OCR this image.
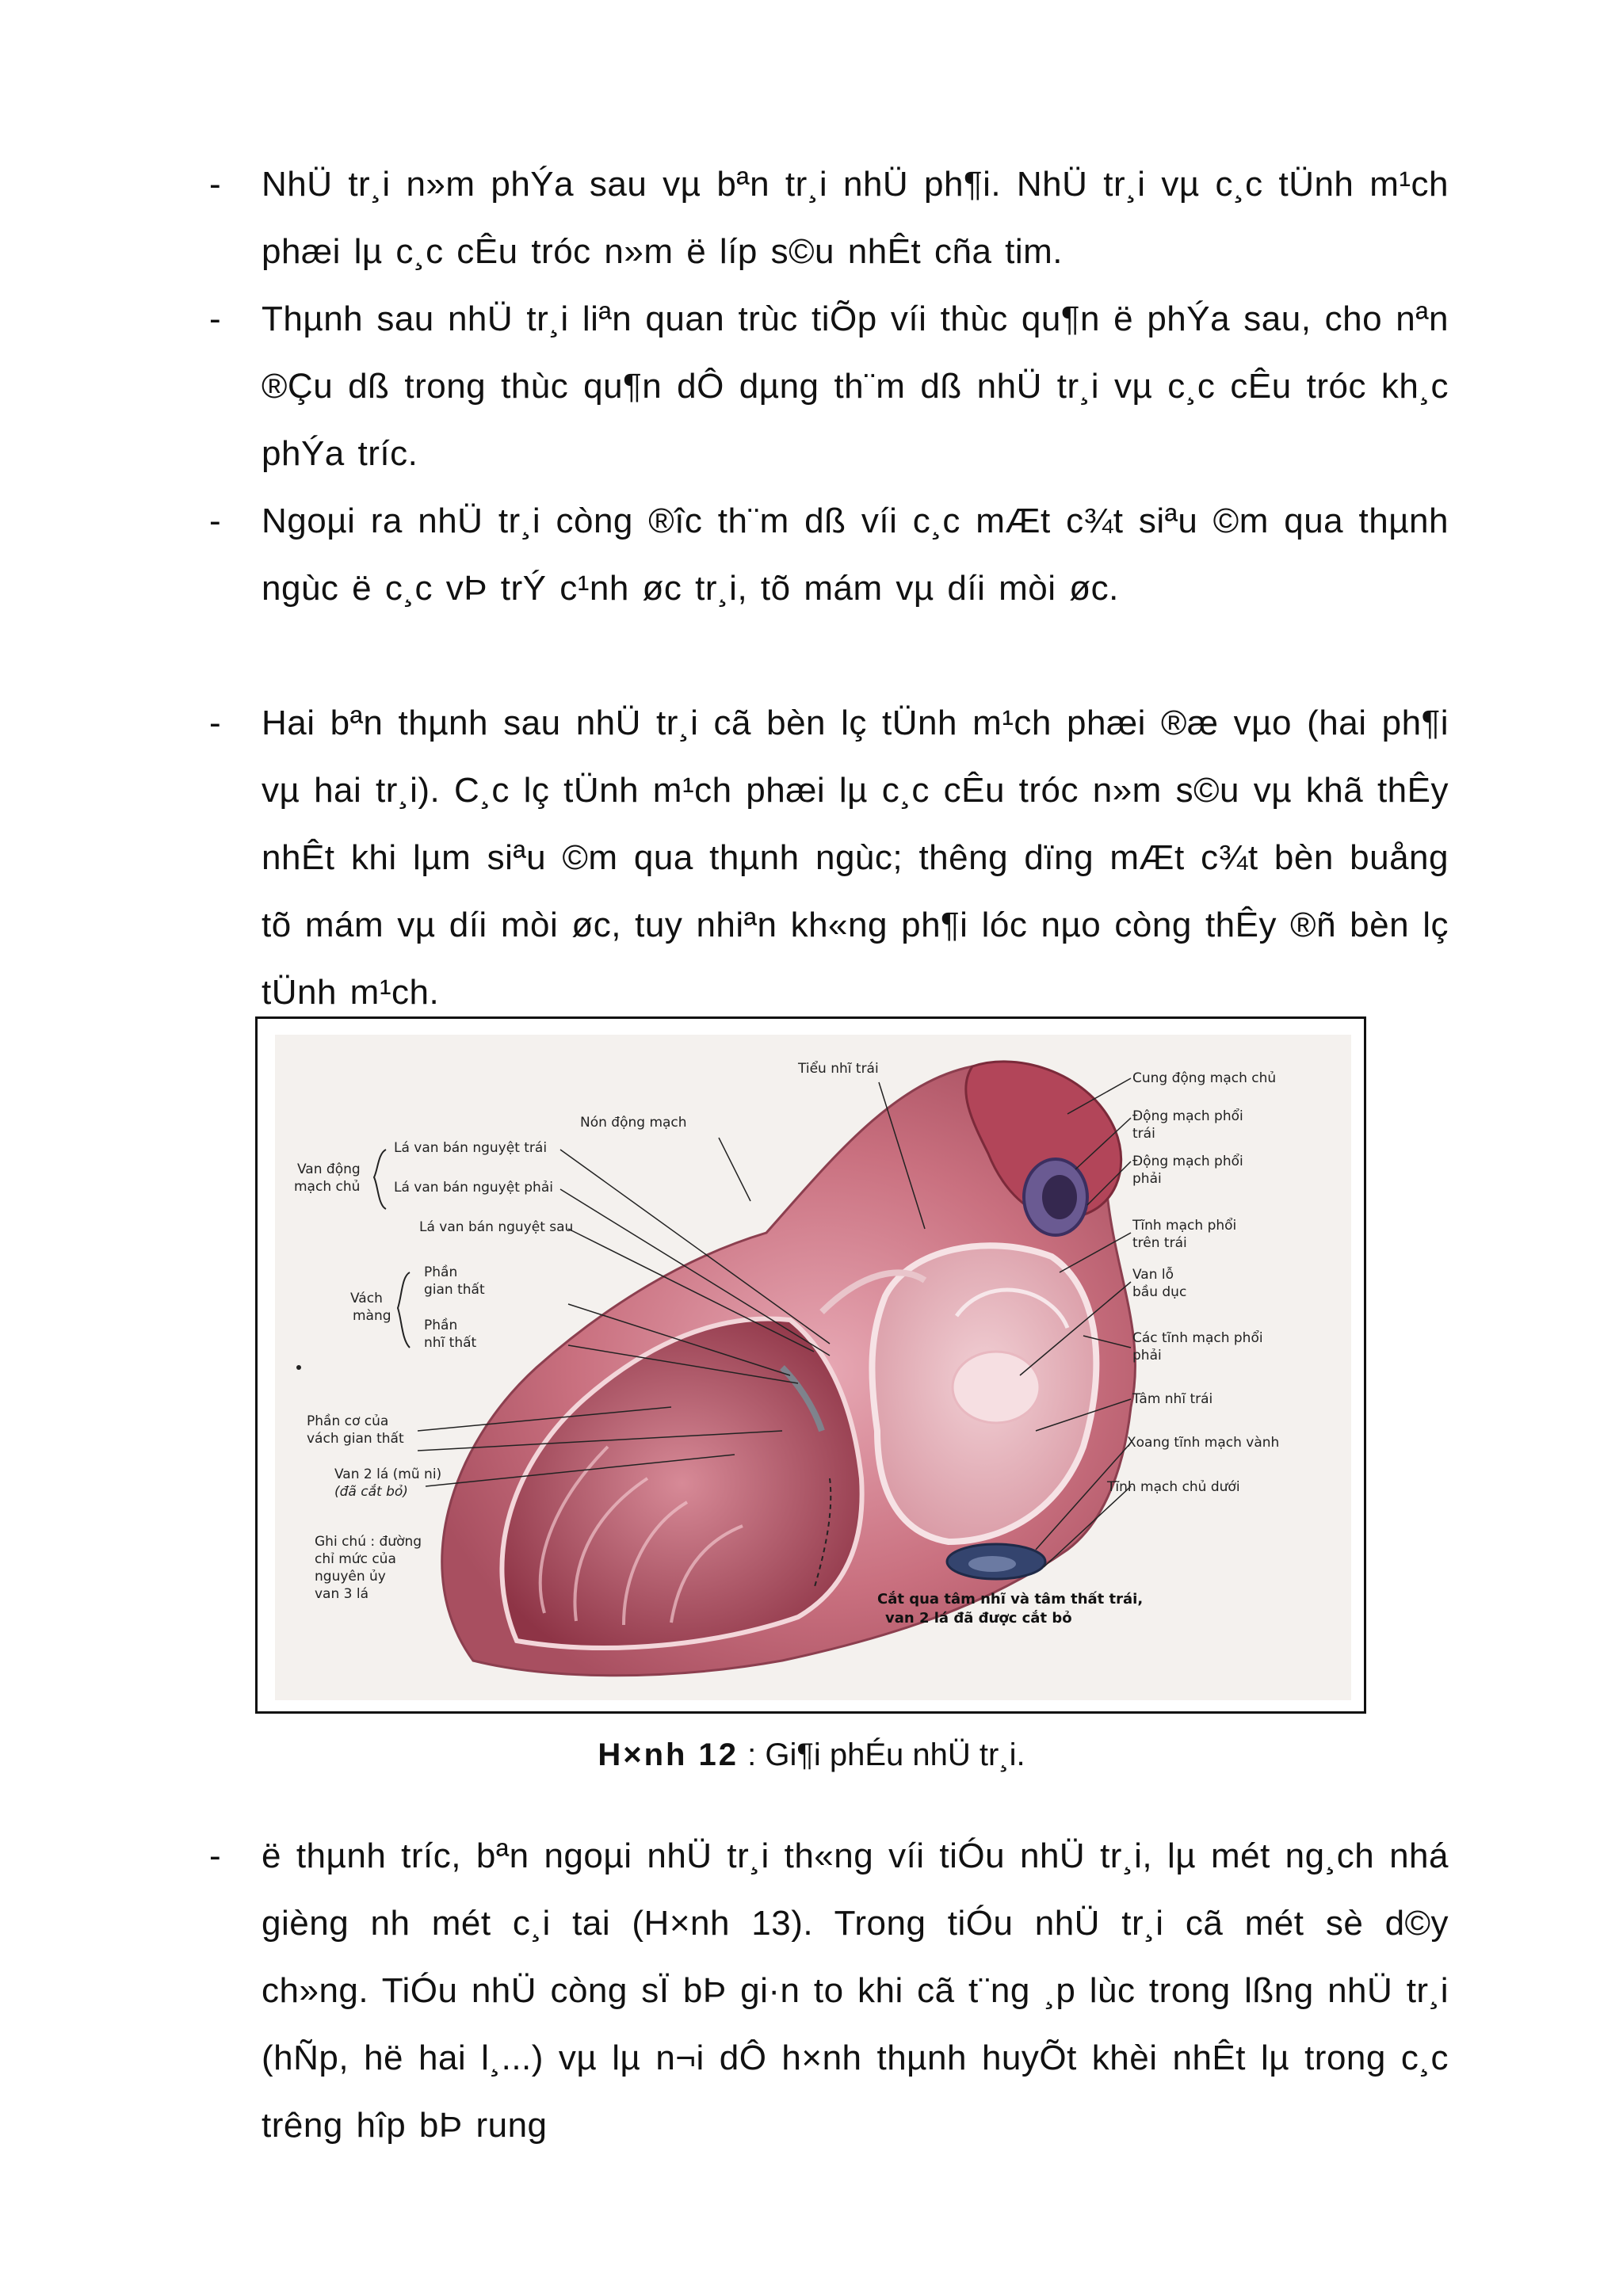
-	NhÜ tr¸i n»m phÝa sau vµ bªn tr¸i nhÜ ph¶i. NhÜ tr¸i vµ c¸c tÜnh m¹ch phæi lµ c¸c cÊu tróc n»m ë líp s©u nhÊt cña tim.

-	Thµnh sau nhÜ tr¸i liªn quan trùc tiÕp víi thùc qu¶n ë phÝa sau, cho nªn ®Çu dß trong thùc qu¶n dÔ dµng th¨m dß nhÜ tr¸i vµ c¸c cÊu tróc kh¸c phÝa tríc.

-	Ngoµi ra nhÜ tr¸i còng ®îc th¨m dß víi c¸c mÆt c¾t siªu ©m qua thµnh ngùc ë c¸c vÞ trÝ c¹nh øc tr¸i, tõ mám vµ díi mòi øc.

-	Hai bªn thµnh sau nhÜ tr¸i cã bèn lç tÜnh m¹ch phæi ®æ vµo (hai ph¶i vµ hai tr¸i). C¸c lç tÜnh m¹ch phæi lµ c¸c cÊu tróc n»m s©u vµ khã thÊy nhÊt khi lµm siªu ©m qua thµnh ngùc; thêng dïng mÆt c¾t bèn buång tõ mám vµ díi mòi øc, tuy nhiªn kh«ng ph¶i lóc nµo còng thÊy ®ñ bèn lç tÜnh m¹ch.

Tiểu nhĩ trái
Nón động mạch
Cung động mạch chủ
Động mạch phổi
trái
Động mạch phổi
phải
Tĩnh mạch phổi
trên trái
Van lỗ
bầu dục
Các tĩnh mạch phổi
phải
Tâm nhĩ trái
Xoang tĩnh mạch vành
Tĩnh mạch chủ dưới
Van động
mạch chủ
Lá van bán nguyệt trái
Lá van bán nguyệt phải
Lá van bán nguyệt sau
Vách
màng
Phần
gian thất
Phần
nhĩ thất
Phần cơ của
vách gian thất
Van 2 lá (mũ ni)
(đã cắt bỏ)
Ghi chú : đường
chỉ mức của
nguyên ủy
van 3 lá	Cắt qua tâm nhĩ và tâm thất trái,
van 2 lá đã được cắt bỏ
H×nh 12 : Gi¶i phÉu nhÜ tr¸i.
-	ë thµnh tríc, bªn ngoµi nhÜ tr¸i th«ng víi tiÓu nhÜ tr¸i, lµ mét ng¸ch nhá gièng nh mét c¸i tai (H×nh 13). Trong tiÓu nhÜ tr¸i cã mét sè d©y ch»ng. TiÓu nhÜ còng sÏ bÞ gi·n to khi cã t¨ng ¸p lùc trong lßng nhÜ tr¸i (hÑp, hë hai l¸...) vµ lµ n¬i dÔ h×nh thµnh huyÕt khèi nhÊt lµ trong c¸c trêng hîp bÞ rung
